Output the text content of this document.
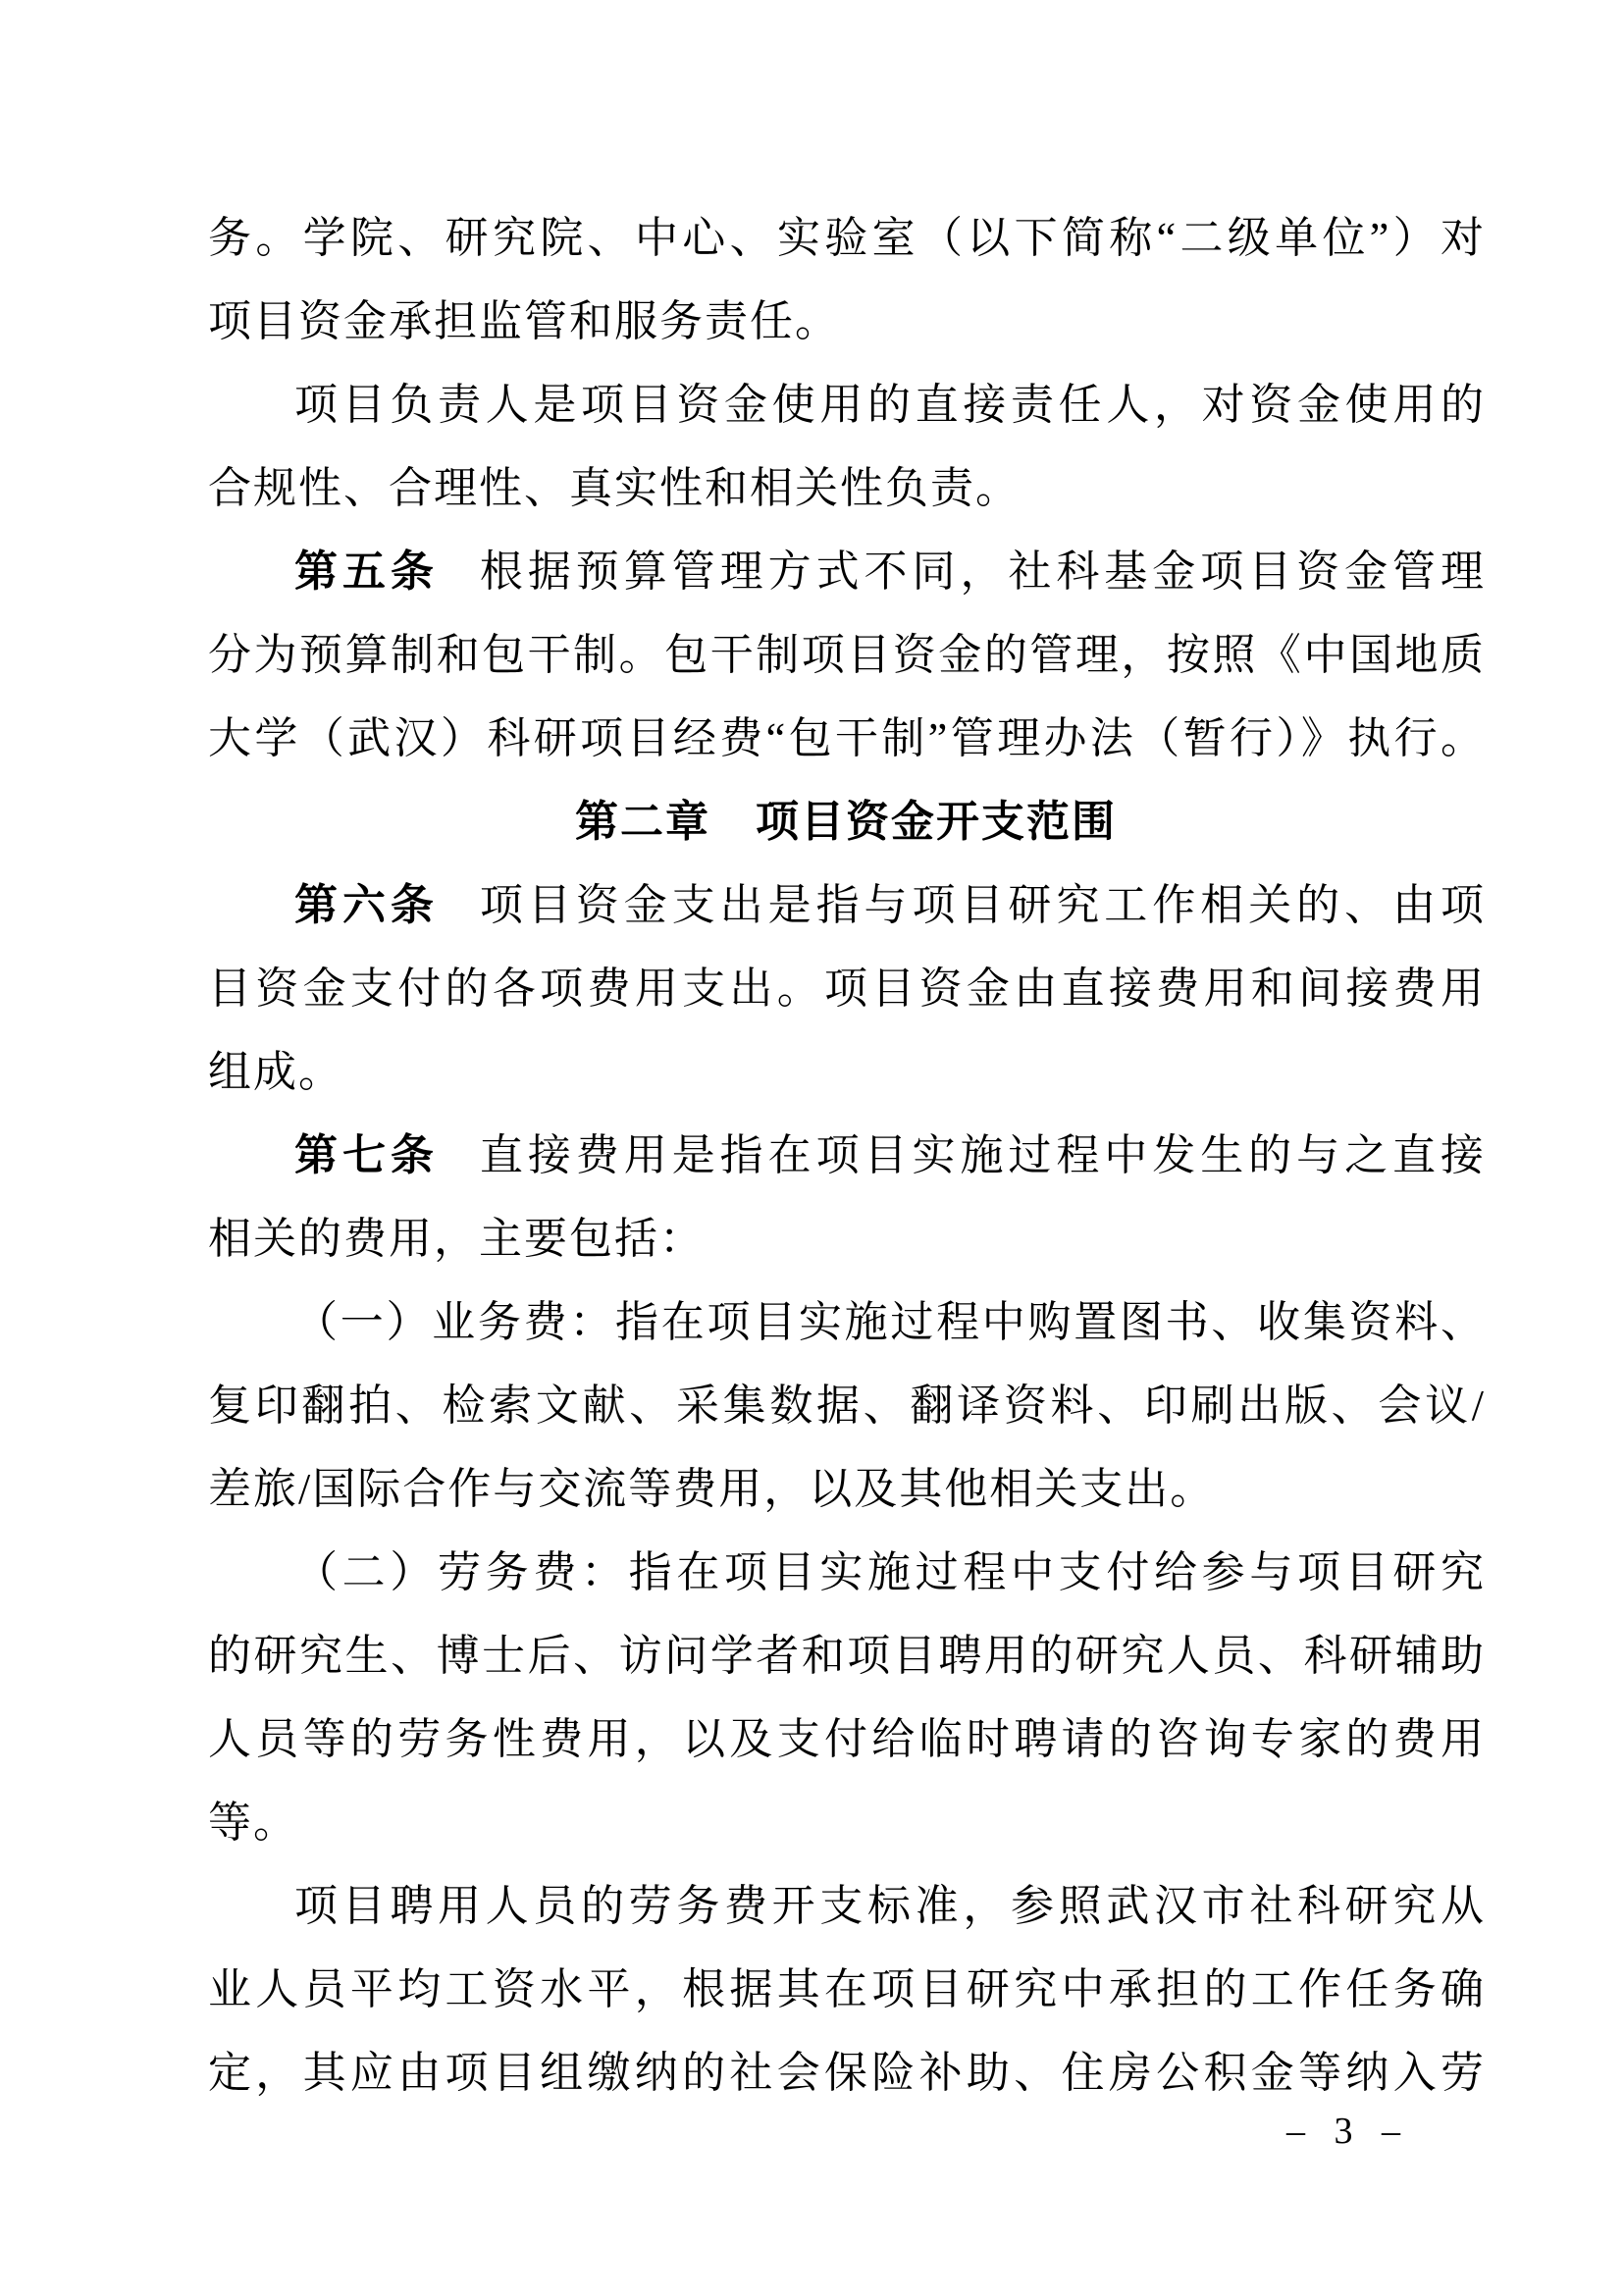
务。学院、研究院、中心、实验室（以下简称“二级单位”）对
项目资金承担监管和服务责任。
项目负责人是项目资金使用的直接责任人，对资金使用的
合规性、合理性、真实性和相关性负责。
第五条 根据预算管理方式不同，社科基金项目资金管理
分为预算制和包干制。包干制项目资金的管理，按照《中国地质
大学（武汉）科研项目经费“包干制”管理办法（暂行）》执行。
第二章　项目资金开支范围
第六条 项目资金支出是指与项目研究工作相关的、由项
目资金支付的各项费用支出。项目资金由直接费用和间接费用
组成。
第七条 直接费用是指在项目实施过程中发生的与之直接
相关的费用，主要包括：
（一）业务费：指在项目实施过程中购置图书、收集资料、
复印翻拍、检索文献、采集数据、翻译资料、印刷出版、会议/
差旅/国际合作与交流等费用，以及其他相关支出。
（二）劳务费：指在项目实施过程中支付给参与项目研究
的研究生、博士后、访问学者和项目聘用的研究人员、科研辅助
人员等的劳务性费用，以及支付给临时聘请的咨询专家的费用
等。
项目聘用人员的劳务费开支标准，参照武汉市社科研究从
业人员平均工资水平，根据其在项目研究中承担的工作任务确
定，其应由项目组缴纳的社会保险补助、住房公积金等纳入劳
– 3 –
